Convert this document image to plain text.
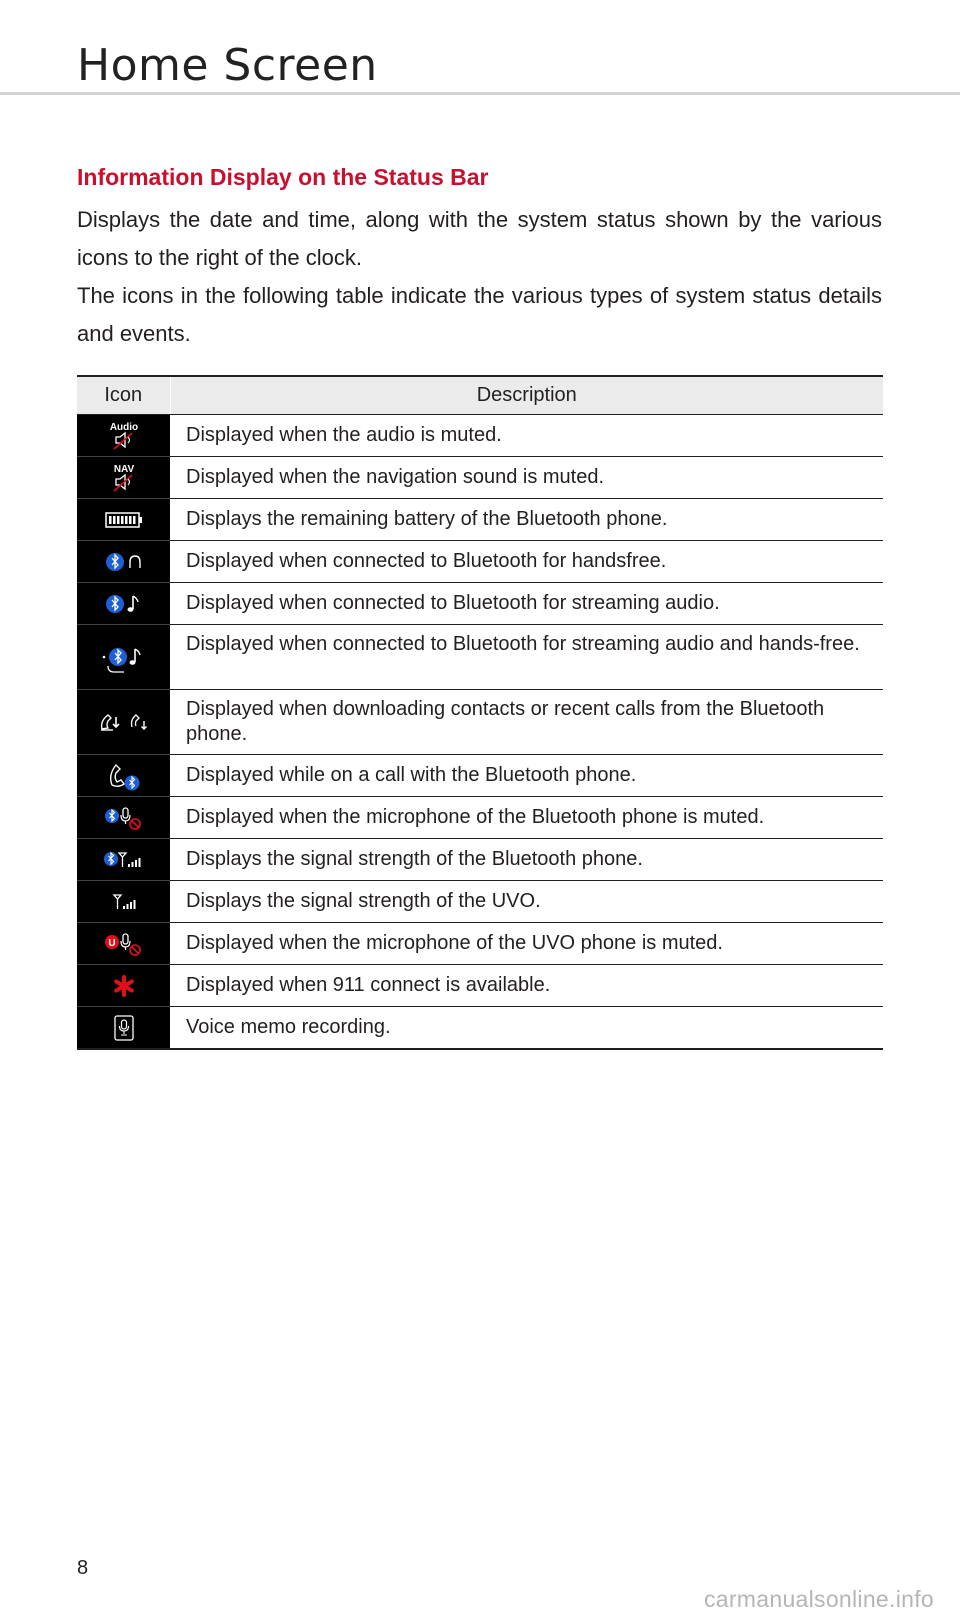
Home Screen
Information Display on the Status Bar

Displays the date and time, along with the system status shown by the various icons to the right of the clock.

The icons in the following table indicate the various types of system status details and events.

Icon	Description

Audio	Displayed when the audio is muted.

NAV	Displayed when the navigation sound is muted.
	Displays the remaining battery of the Bluetooth phone.
	Displayed when connected to Bluetooth for handsfree.
	Displayed when connected to Bluetooth for streaming audio.
	Displayed when connected to Bluetooth for streaming audio and hands-free.
	Displayed when downloading contacts or recent calls from the Bluetooth phone.
	Displayed while on a call with the Bluetooth phone.
	Displayed when the microphone of the Bluetooth phone is muted.
	Displays the signal strength of the Bluetooth phone.
	Displays the signal strength of the UVO.

U	Displayed when the microphone of the UVO phone is muted.
	Displayed when 911 connect is available.
	Voice memo recording.
8
carmanualsonline.info
